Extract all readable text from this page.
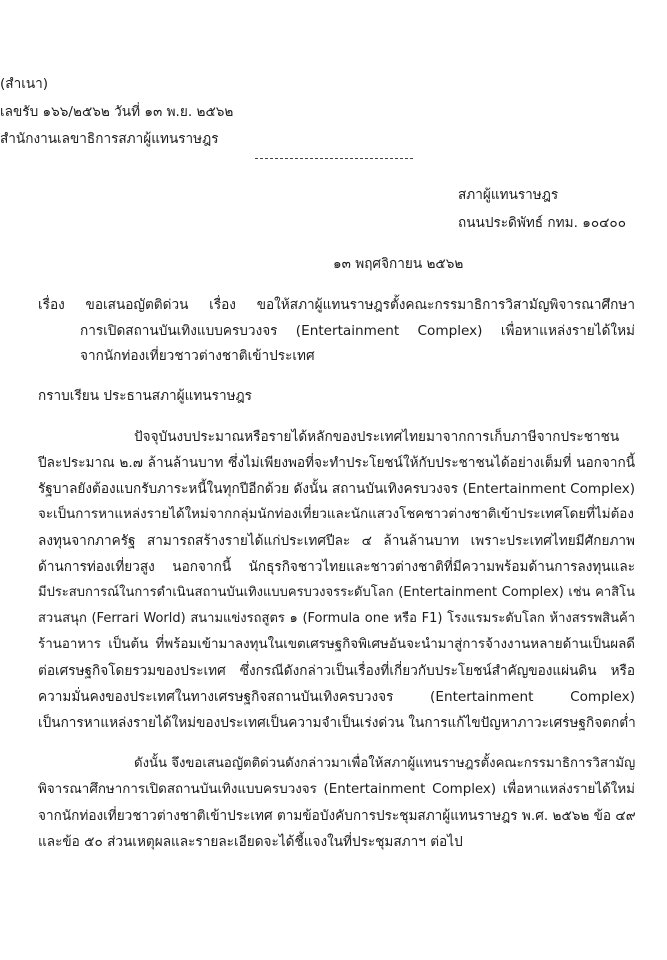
(สำเนา)
เลขรับ ๑๖๖/๒๕๖๒ วันที่ ๑๓ พ.ย. ๒๕๖๒
สำนักงานเลขาธิการสภาผู้แทนราษฎร
สภาผู้แทนราษฎร
ถนนประดิพัทธ์ กทม. ๑๐๔๐๐
๑๓ พฤศจิกายน ๒๕๖๒
เรื่อง ขอเสนอญัตติด่วน เรื่อง ขอให้สภาผู้แทนราษฎรตั้งคณะกรรมาธิการวิสามัญพิจารณาศึกษา
การเปิดสถานบันเทิงแบบครบวงจร (Entertainment Complex) เพื่อหาแหล่งรายได้ใหม่
จากนักท่องเที่ยวชาวต่างชาติเข้าประเทศ
กราบเรียน ประธานสภาผู้แทนราษฎร
ปัจจุบันงบประมาณหรือรายได้หลักของประเทศไทยมาจากการเก็บภาษีจากประชาชน
ปีละประมาณ ๒.๗ ล้านล้านบาท ซึ่งไม่เพียงพอที่จะทำประโยชน์ให้กับประชาชนได้อย่างเต็มที่ นอกจากนี้
รัฐบาลยังต้องแบกรับภาระหนี้ในทุกปีอีกด้วย ดังนั้น สถานบันเทิงครบวงจร (Entertainment Complex)
จะเป็นการหาแหล่งรายได้ใหม่จากกลุ่มนักท่องเที่ยวและนักแสวงโชคชาวต่างชาติเข้าประเทศโดยที่ไม่ต้อง
ลงทุนจากภาครัฐ สามารถสร้างรายได้แก่ประเทศปีละ ๔ ล้านล้านบาท เพราะประเทศไทยมีศักยภาพ
ด้านการท่องเที่ยวสูง นอกจากนี้ นักธุรกิจชาวไทยและชาวต่างชาติที่มีความพร้อมด้านการลงทุนและ
มีประสบการณ์ในการดำเนินสถานบันเทิงแบบครบวงจรระดับโลก (Entertainment Complex) เช่น คาสิโน
สวนสนุก (Ferrari World) สนามแข่งรถสูตร ๑ (Formula one หรือ F1) โรงแรมระดับโลก ห้างสรรพสินค้า
ร้านอาหาร เป็นต้น ที่พร้อมเข้ามาลงทุนในเขตเศรษฐกิจพิเศษอันจะนำมาสู่การจ้างงานหลายด้านเป็นผลดี
ต่อเศรษฐกิจโดยรวมของประเทศ ซึ่งกรณีดังกล่าวเป็นเรื่องที่เกี่ยวกับประโยชน์สำคัญของแผ่นดิน หรือ
ความมั่นคงของประเทศในทางเศรษฐกิจสถานบันเทิงครบวงจร (Entertainment Complex)
เป็นการหาแหล่งรายได้ใหม่ของประเทศเป็นความจำเป็นเร่งด่วน ในการแก้ไขปัญหาภาวะเศรษฐกิจตกต่ำ
ดังนั้น จึงขอเสนอญัตติด่วนดังกล่าวมาเพื่อให้สภาผู้แทนราษฎรตั้งคณะกรรมาธิการวิสามัญ
พิจารณาศึกษาการเปิดสถานบันเทิงแบบครบวงจร (Entertainment Complex) เพื่อหาแหล่งรายได้ใหม่
จากนักท่องเที่ยวชาวต่างชาติเข้าประเทศ ตามข้อบังคับการประชุมสภาผู้แทนราษฎร พ.ศ. ๒๕๖๒ ข้อ ๔๙
และข้อ ๕๐ ส่วนเหตุผลและรายละเอียดจะได้ชี้แจงในที่ประชุมสภาฯ ต่อไป
